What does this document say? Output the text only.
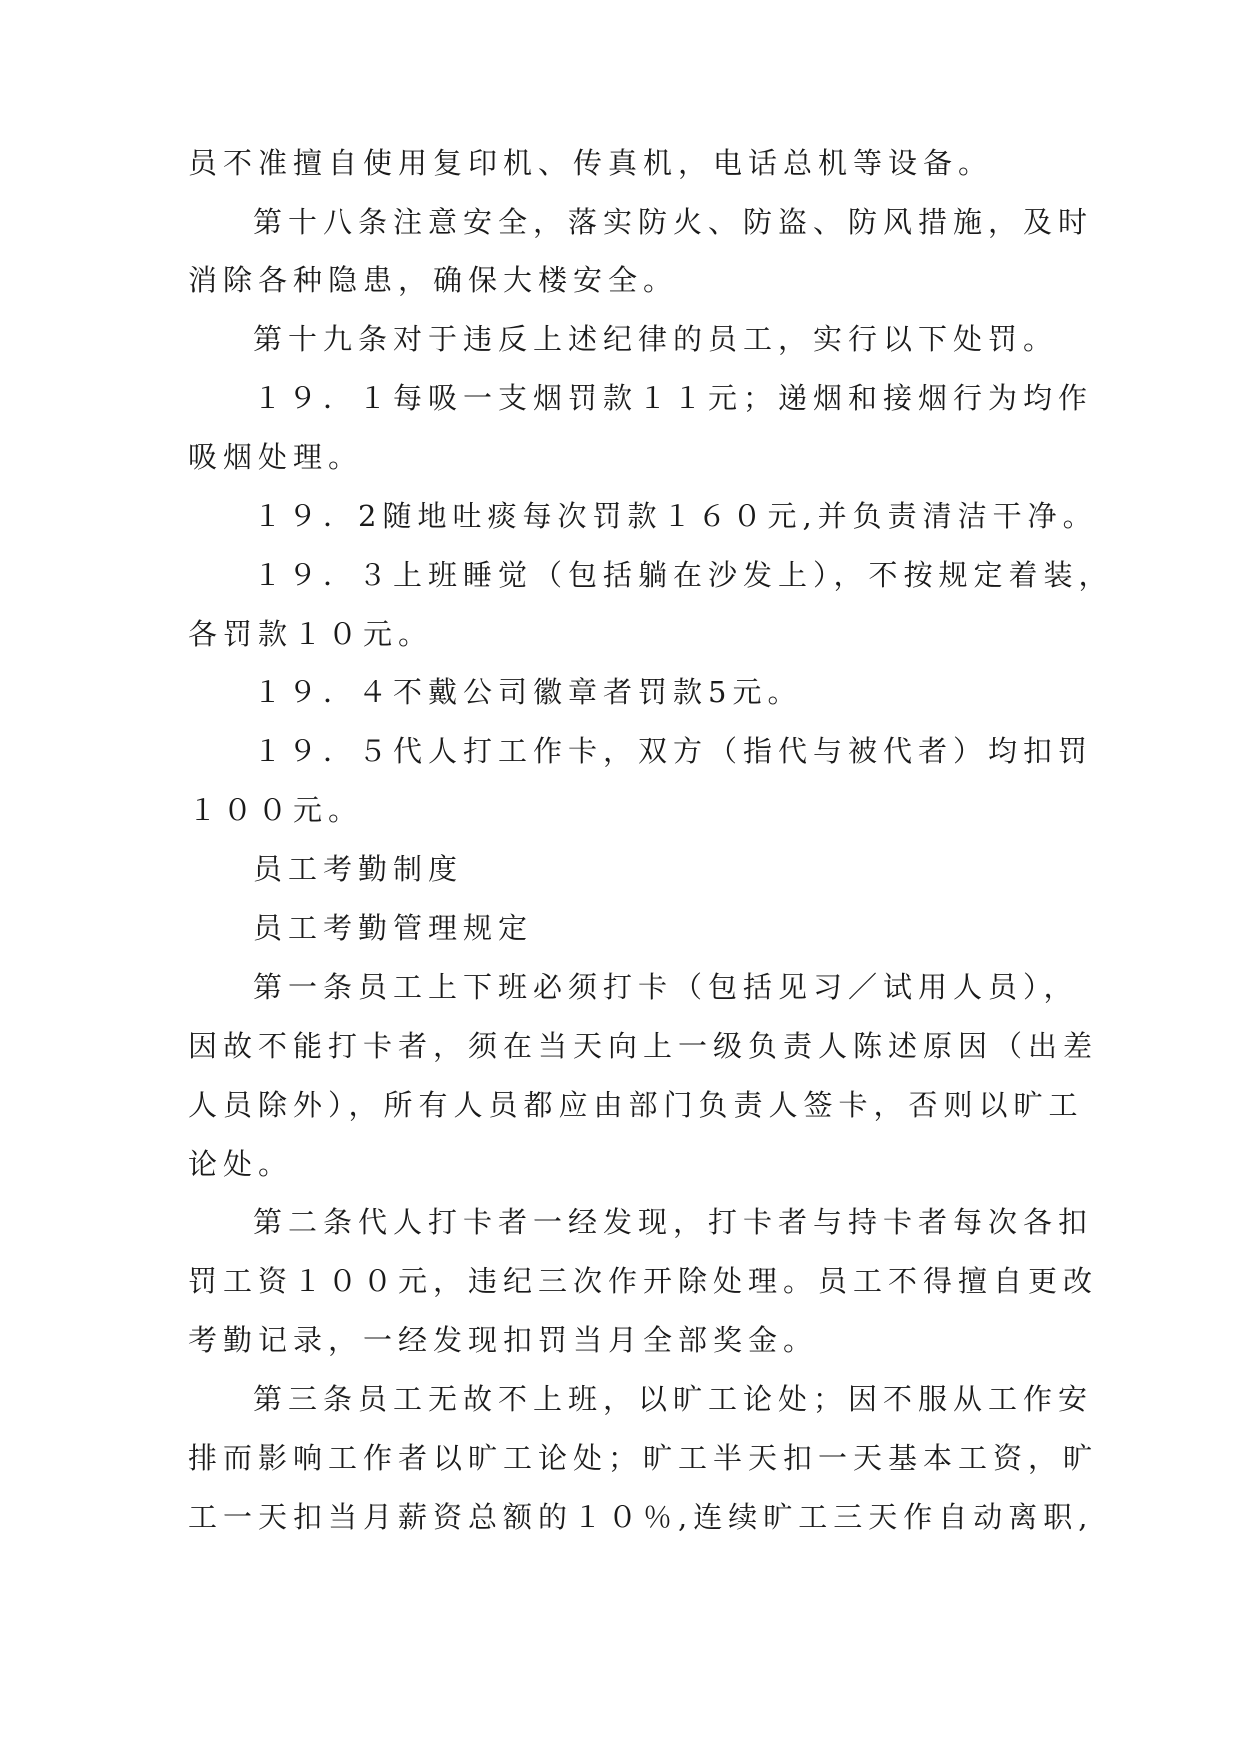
员不准擅自使用复印机、传真机，电话总机等设备。
第十八条注意安全，落实防火、防盗、防风措施，及时
消除各种隐患，确保大楼安全。
第十九条对于违反上述纪律的员工，实行以下处罚。
１９．１每吸一支烟罚款１１元；递烟和接烟行为均作
吸烟处理。
１９．2随地吐痰每次罚款１６０元,并负责清洁干净。
１９．３上班睡觉（包括躺在沙发上），不按规定着装，
各罚款１０元。
１９．４不戴公司徽章者罚款5元。
１９．５代人打工作卡，双方（指代与被代者）均扣罚
１００元。
员工考勤制度
员工考勤管理规定
第一条员工上下班必须打卡（包括见习／试用人员），
因故不能打卡者，须在当天向上一级负责人陈述原因（出差
人员除外），所有人员都应由部门负责人签卡，否则以旷工
论处。
第二条代人打卡者一经发现，打卡者与持卡者每次各扣
罚工资１００元，违纪三次作开除处理。员工不得擅自更改
考勤记录，一经发现扣罚当月全部奖金。
第三条员工无故不上班，以旷工论处；因不服从工作安
排而影响工作者以旷工论处；旷工半天扣一天基本工资，旷
工一天扣当月薪资总额的１０％,连续旷工三天作自动离职,
